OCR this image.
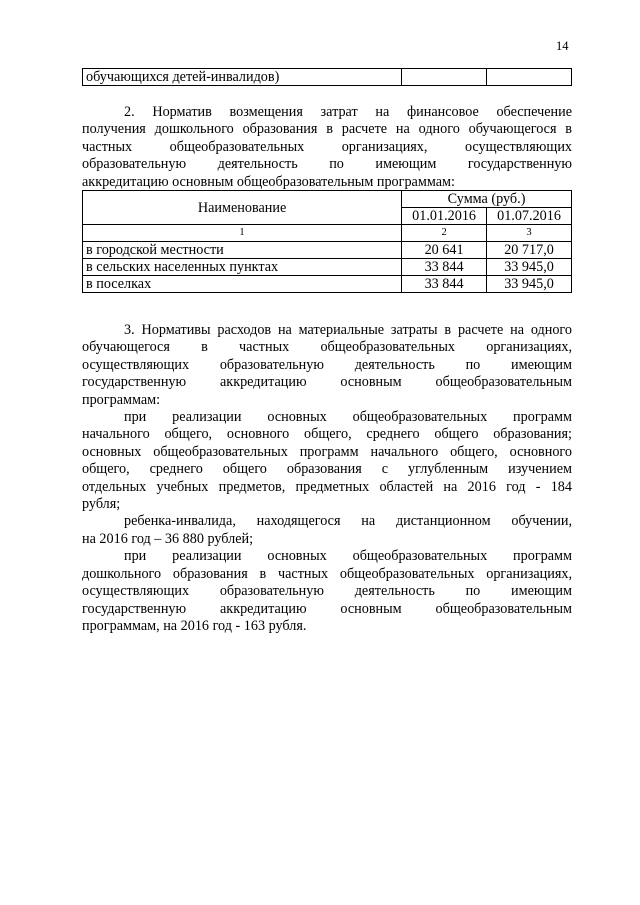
14
обучающихся детей-инвалидов)		
2. Норматив возмещения затрат на финансовое обеспечение
получения дошкольного образования в расчете на одного обучающегося в
частных общеобразовательных организациях, осуществляющих
образовательную деятельность по имеющим государственную
аккредитацию основным общеобразовательным программам:
Наименование	Сумма (руб.)	
	01.01.2016	01.07.2016
1	2	3
в городской местности	20 641	20 717,0
в сельских населенных пунктах	33 844	33 945,0
в поселках	33 844	33 945,0
3. Нормативы расходов на материальные затраты в расчете на одного
обучающегося в частных общеобразовательных организациях,
осуществляющих образовательную деятельность по имеющим
государственную аккредитацию основным общеобразовательным
программам:
при реализации основных общеобразовательных программ
начального общего, основного общего, среднего общего образования;
основных общеобразовательных программ начального общего, основного
общего, среднего общего образования с углубленным изучением
отдельных учебных предметов, предметных областей на 2016 год - 184
рубля;
ребенка-инвалида, находящегося на дистанционном обучении,
на 2016 год – 36 880 рублей;
при реализации основных общеобразовательных программ
дошкольного образования в частных общеобразовательных организациях,
осуществляющих образовательную деятельность по имеющим
государственную аккредитацию основным общеобразовательным
программам, на 2016 год - 163 рубля.
